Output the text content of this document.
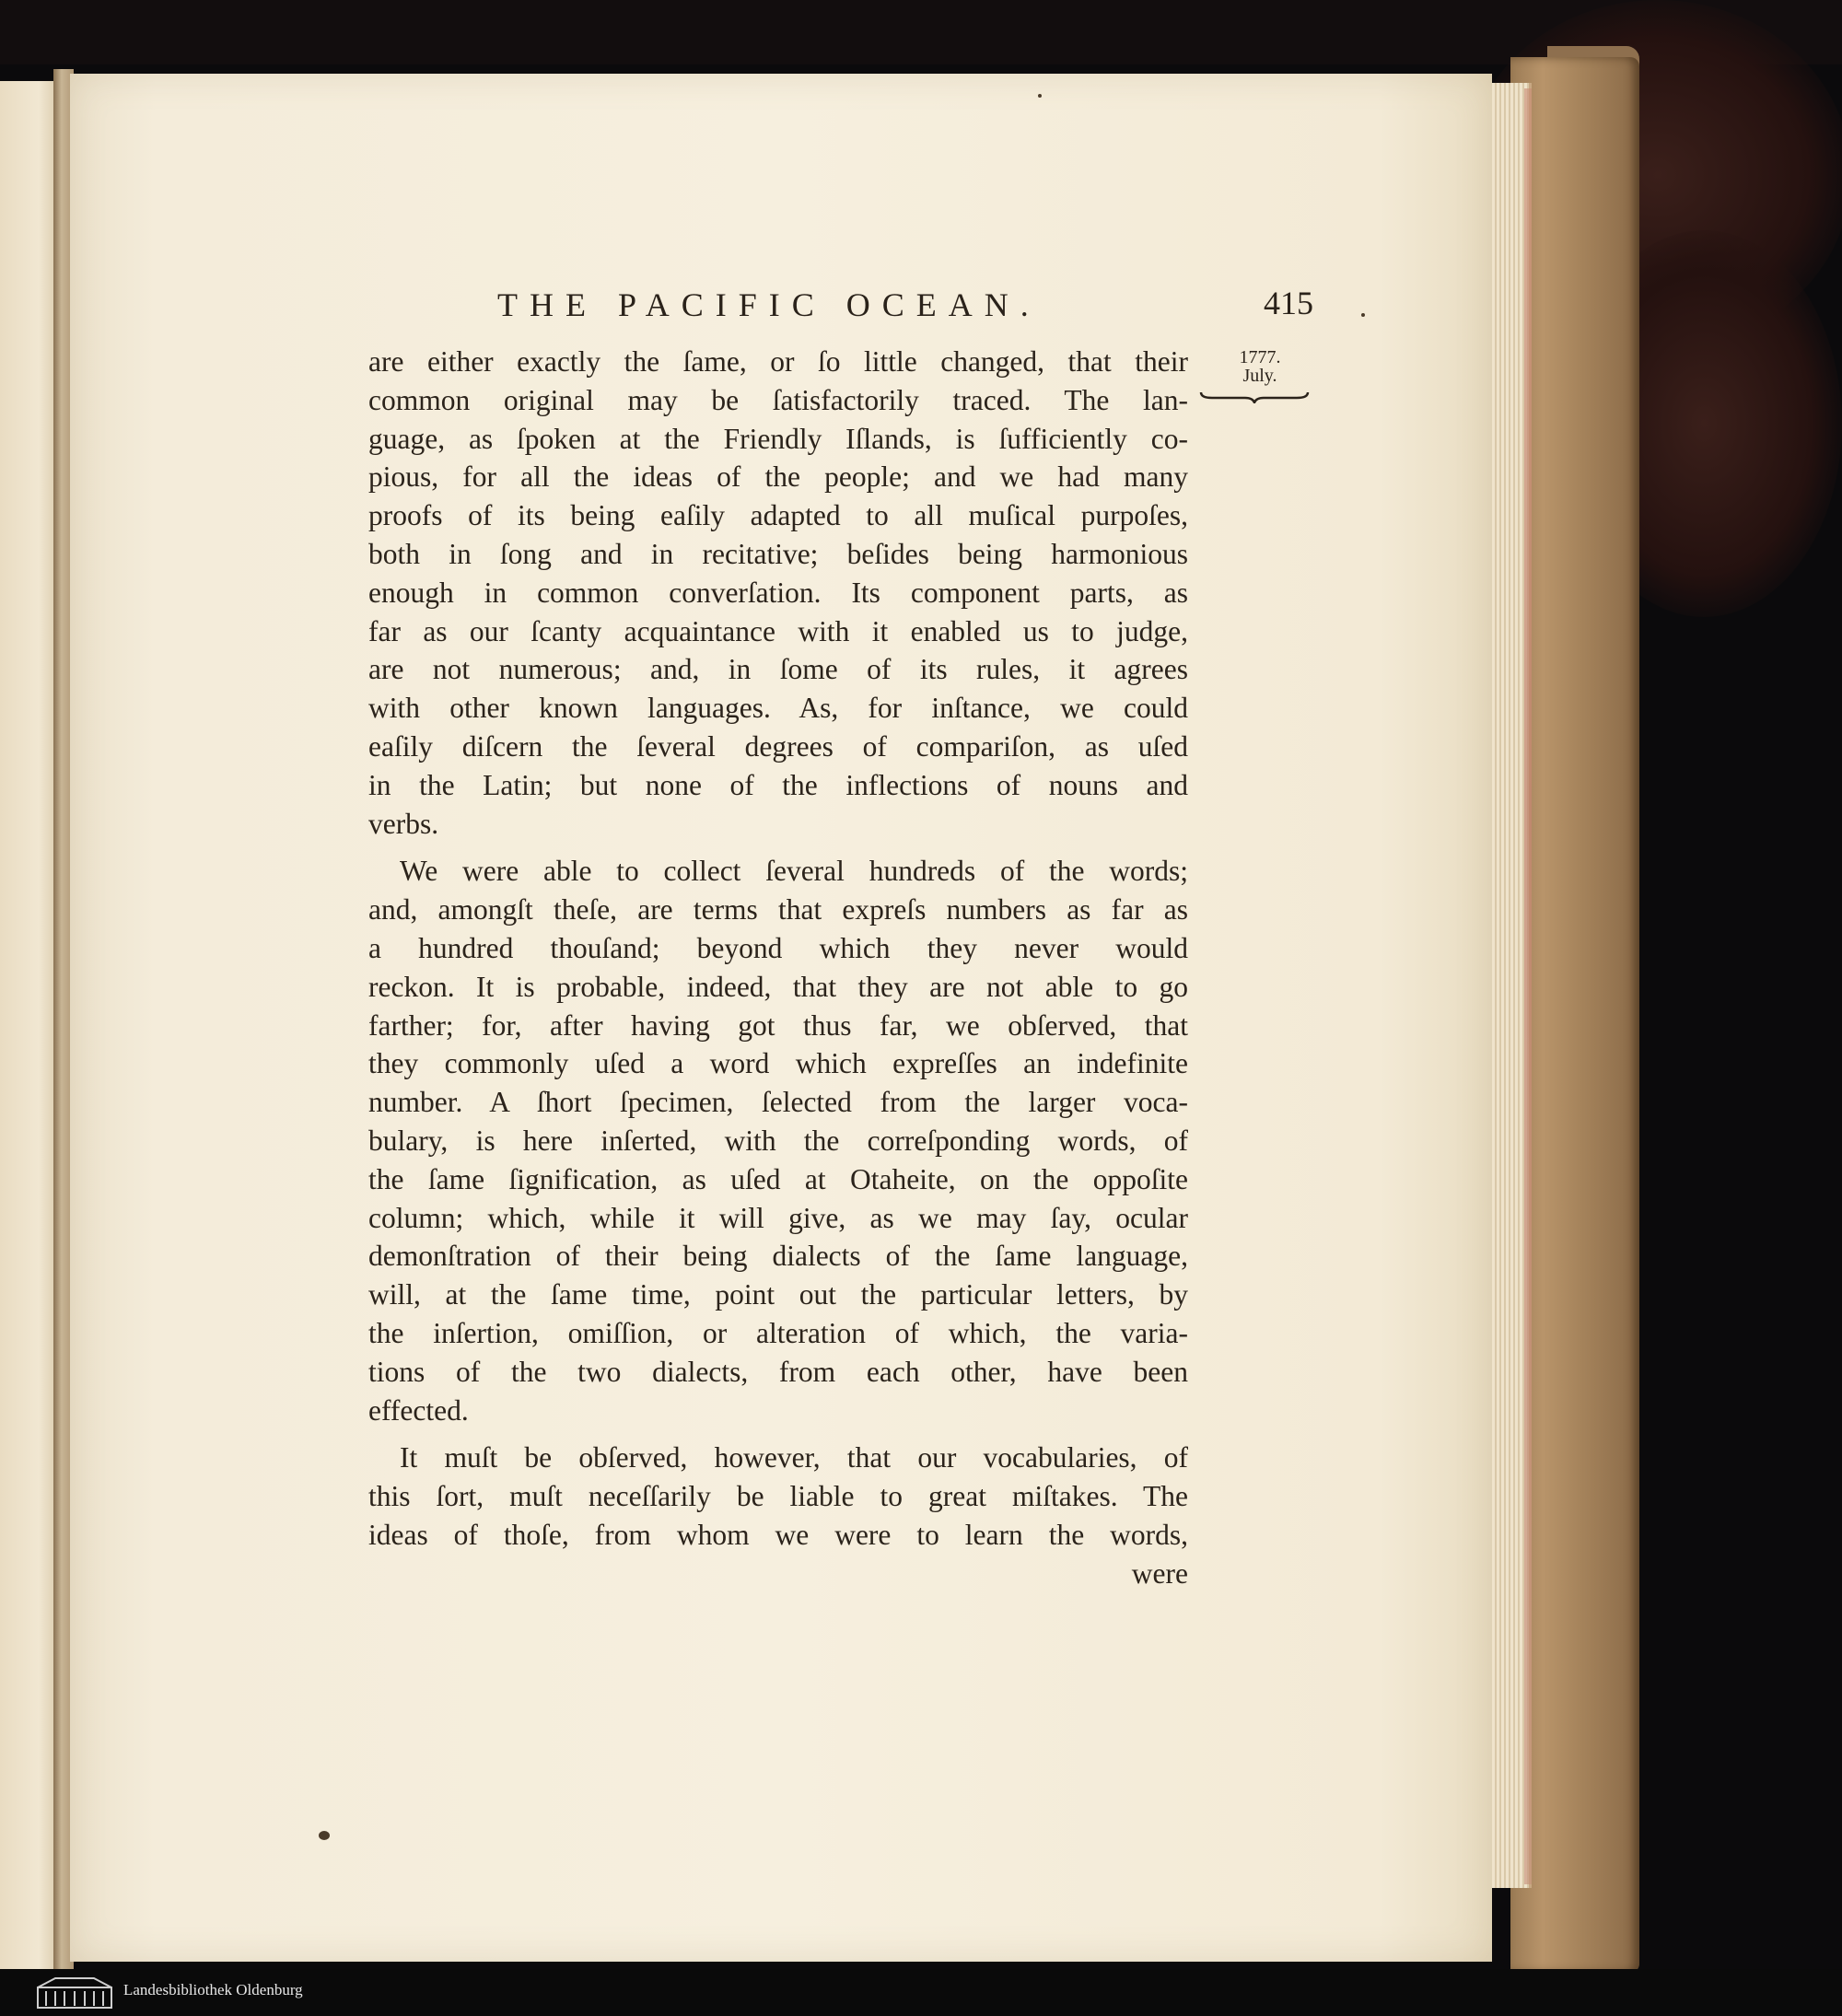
THE PACIFIC OCEAN.	415
1777.
July.
are either exactly the ſame, or ſo little changed, that their
common original may be ſatisfactorily traced. The lan-
guage, as ſpoken at the Friendly Iſlands, is ſufficiently co-
pious, for all the ideas of the people; and we had many
proofs of its being eaſily adapted to all muſical purpoſes,
both in ſong and in recitative; beſides being harmonious
enough in common converſation. Its component parts, as
far as our ſcanty acquaintance with it enabled us to judge,
are not numerous; and, in ſome of its rules, it agrees
with other known languages. As, for inſtance, we could
eaſily diſcern the ſeveral degrees of compariſon, as uſed
in the Latin; but none of the inflections of nouns and
verbs.
We were able to collect ſeveral hundreds of the words;
and, amongſt theſe, are terms that expreſs numbers as far as
a hundred thouſand; beyond which they never would
reckon. It is probable, indeed, that they are not able to go
farther; for, after having got thus far, we obſerved, that
they commonly uſed a word which expreſſes an indefinite
number. A ſhort ſpecimen, ſelected from the larger voca-
bulary, is here inſerted, with the correſponding words, of
the ſame ſignification, as uſed at Otaheite, on the oppoſite
column; which, while it will give, as we may ſay, ocular
demonſtration of their being dialects of the ſame language,
will, at the ſame time, point out the particular letters, by
the inſertion, omiſſion, or alteration of which, the varia-
tions of the two dialects, from each other, have been
effected.
It muſt be obſerved, however, that our vocabularies, of
this ſort, muſt neceſſarily be liable to great miſtakes. The
ideas of thoſe, from whom we were to learn the words,
were
Landesbibliothek Oldenburg
